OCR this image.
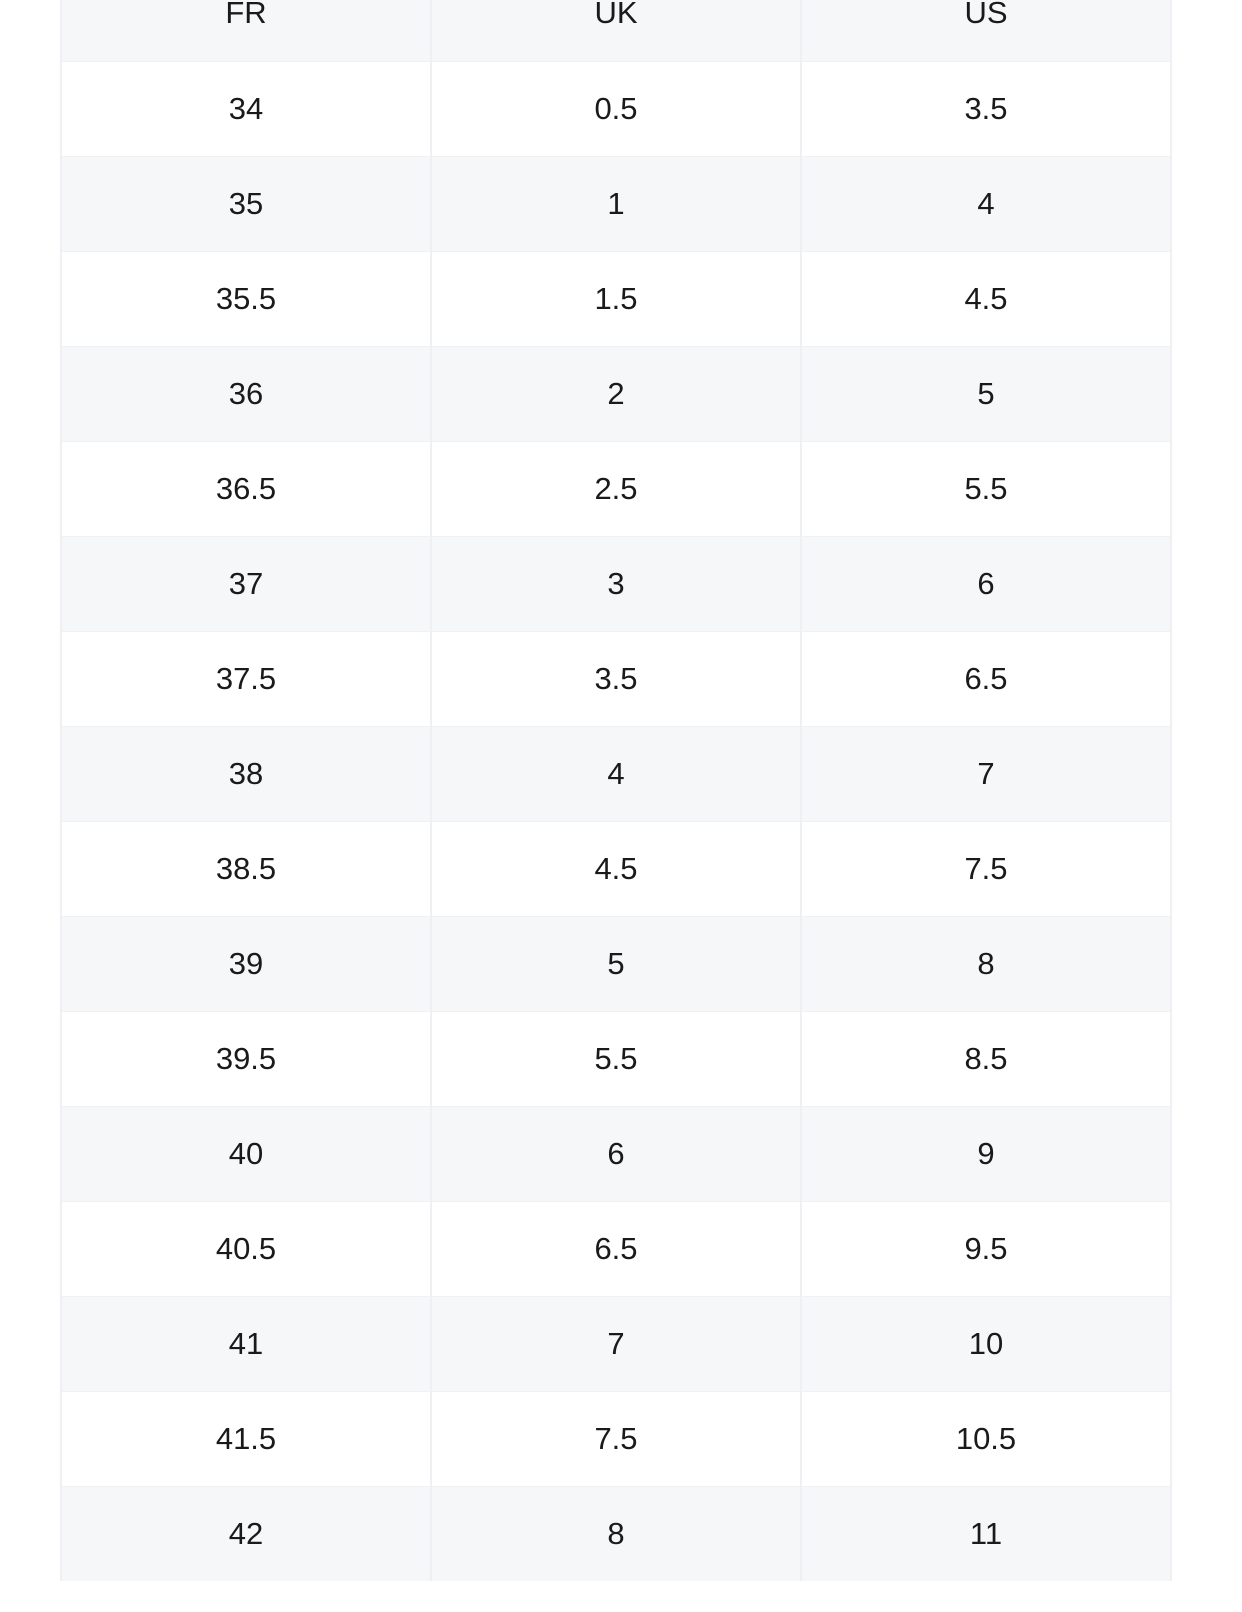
FR	UK	US
34	0.5	3.5
35	1	4
35.5	1.5	4.5
36	2	5
36.5	2.5	5.5
37	3	6
37.5	3.5	6.5
38	4	7
38.5	4.5	7.5
39	5	8
39.5	5.5	8.5
40	6	9
40.5	6.5	9.5
41	7	10
41.5	7.5	10.5
42	8	11
